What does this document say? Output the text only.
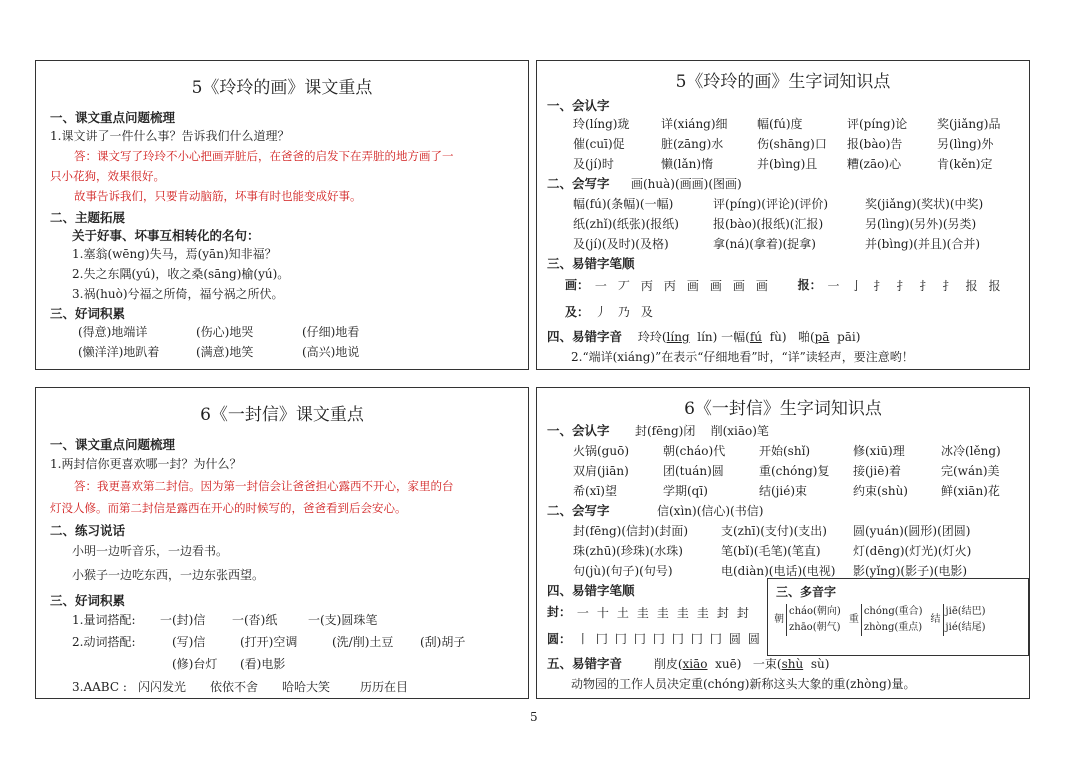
5《玲玲的画》课文重点

一、课文重点问题梳理
1.课文讲了一件什么事？告诉我们什么道理？
答：课文写了玲玲不小心把画弄脏后，在爸爸的启发下在弄脏的地方画了一
只小花狗，效果很好。
故事告诉我们，只要肯动脑筋，坏事有时也能变成好事。
二、主题拓展
关于好事、坏事互相转化的名句：
1.塞翁(wēng)失马，焉(yān)知非福？
2.失之东隅(yú)，收之桑(sāng)榆(yú)。
3.祸(huò)兮福之所倚，福兮祸之所伏。
三、好词积累
(得意)地端详	(伤心)地哭	(仔细)地看
(懒洋洋)地趴着	(满意)地笑	(高兴)地说

5《玲玲的画》生字词知识点

一、会认字
玲(líng)珑	详(xiáng)细	幅(fú)度	评(píng)论	奖(jiǎng)品
催(cuī)促	脏(zāng)水	伤(shāng)口	报(bào)告	另(lìng)外
及(jí)时	懒(lǎn)惰	并(bìng)且	糟(zāo)心	肯(kěn)定
二、会写字	画(huà)(画画)(图画)
幅(fú)(条幅)(一幅)	评(píng)(评论)(评价)	奖(jiǎng)(奖状)(中奖)
纸(zhǐ)(纸张)(报纸)	报(bào)(报纸)(汇报)	另(lìng)(另外)(另类)
及(jí)(及时)(及格)	拿(ná)(拿着)(捉拿)	并(bìng)(并且)(合并)
三、易错字笔顺
画： 一 丆 丙 丙 画 画 画 画 报： 一 亅 扌 扌 扌 扌 报 报
及： 丿 乃 及
四、易错字音 玲玲(líng  lín) 一幅(fú  fù)   啪(pā  pāi)
2.“端详(xiáng)”在表示“仔细地看”时，“详”读轻声，要注意哟！

6《一封信》课文重点

一、课文重点问题梳理
1.两封信你更喜欢哪一封？为什么？
答：我更喜欢第二封信。因为第一封信会让爸爸担心露西不开心，家里的台
灯没人修。而第二封信是露西在开心的时候写的，爸爸看到后会安心。
二、练习说话
小明一边听音乐，一边看书。
小猴子一边吃东西，一边东张西望。
三、好词积累
1.量词搭配:	一(封)信	一(沓)纸	一(支)圆珠笔
2.动词搭配:	(写)信	(打开)空调	(洗/削)土豆	(刮)胡子
(修)台灯	(看)电影
3.AABC : 闪闪发光	依依不舍	哈哈大笑	历历在目

6《一封信》生字词知识点

一、会认字	封(fēng)闭    削(xiāo)笔
火锅(guō)	朝(cháo)代	开始(shǐ)	修(xiū)理	冰冷(lěng)
双肩(jiān)	团(tuán)圆	重(chóng)复	接(jiē)着	完(wán)美
希(xī)望	学期(qī)	结(jié)束	约束(shù)	鲜(xiān)花
二、会写字	信(xìn)(信心)(书信)
封(fēng)(信封)(封面)	支(zhī)(支付)(支出)	圆(yuán)(圆形)(团圆)
珠(zhū)(珍珠)(水珠)	笔(bǐ)(毛笔)(笔直)	灯(dēng)(灯光)(灯火)
句(jù)(句子)(句号)	电(diàn)(电话)(电视)	影(yǐng)(影子)(电影)
四、易错字笔顺
封： 一 十 土 圭 圭 圭 圭 封 封
圆： 丨 冂 冂 冂 冂 冂 冂 冂 圆 圆
五、易错字音	削皮(xiāo  xuē)   一束(shù  sù)
动物园的工作人员决定重(chóng)新称这头大象的重(zhòng)量。
三、多音字
朝
cháo(朝向)
zhāo(朝气)
重
chóng(重合)
zhòng(重点)
结
jiē(结巴)
jié(结尾)
5
